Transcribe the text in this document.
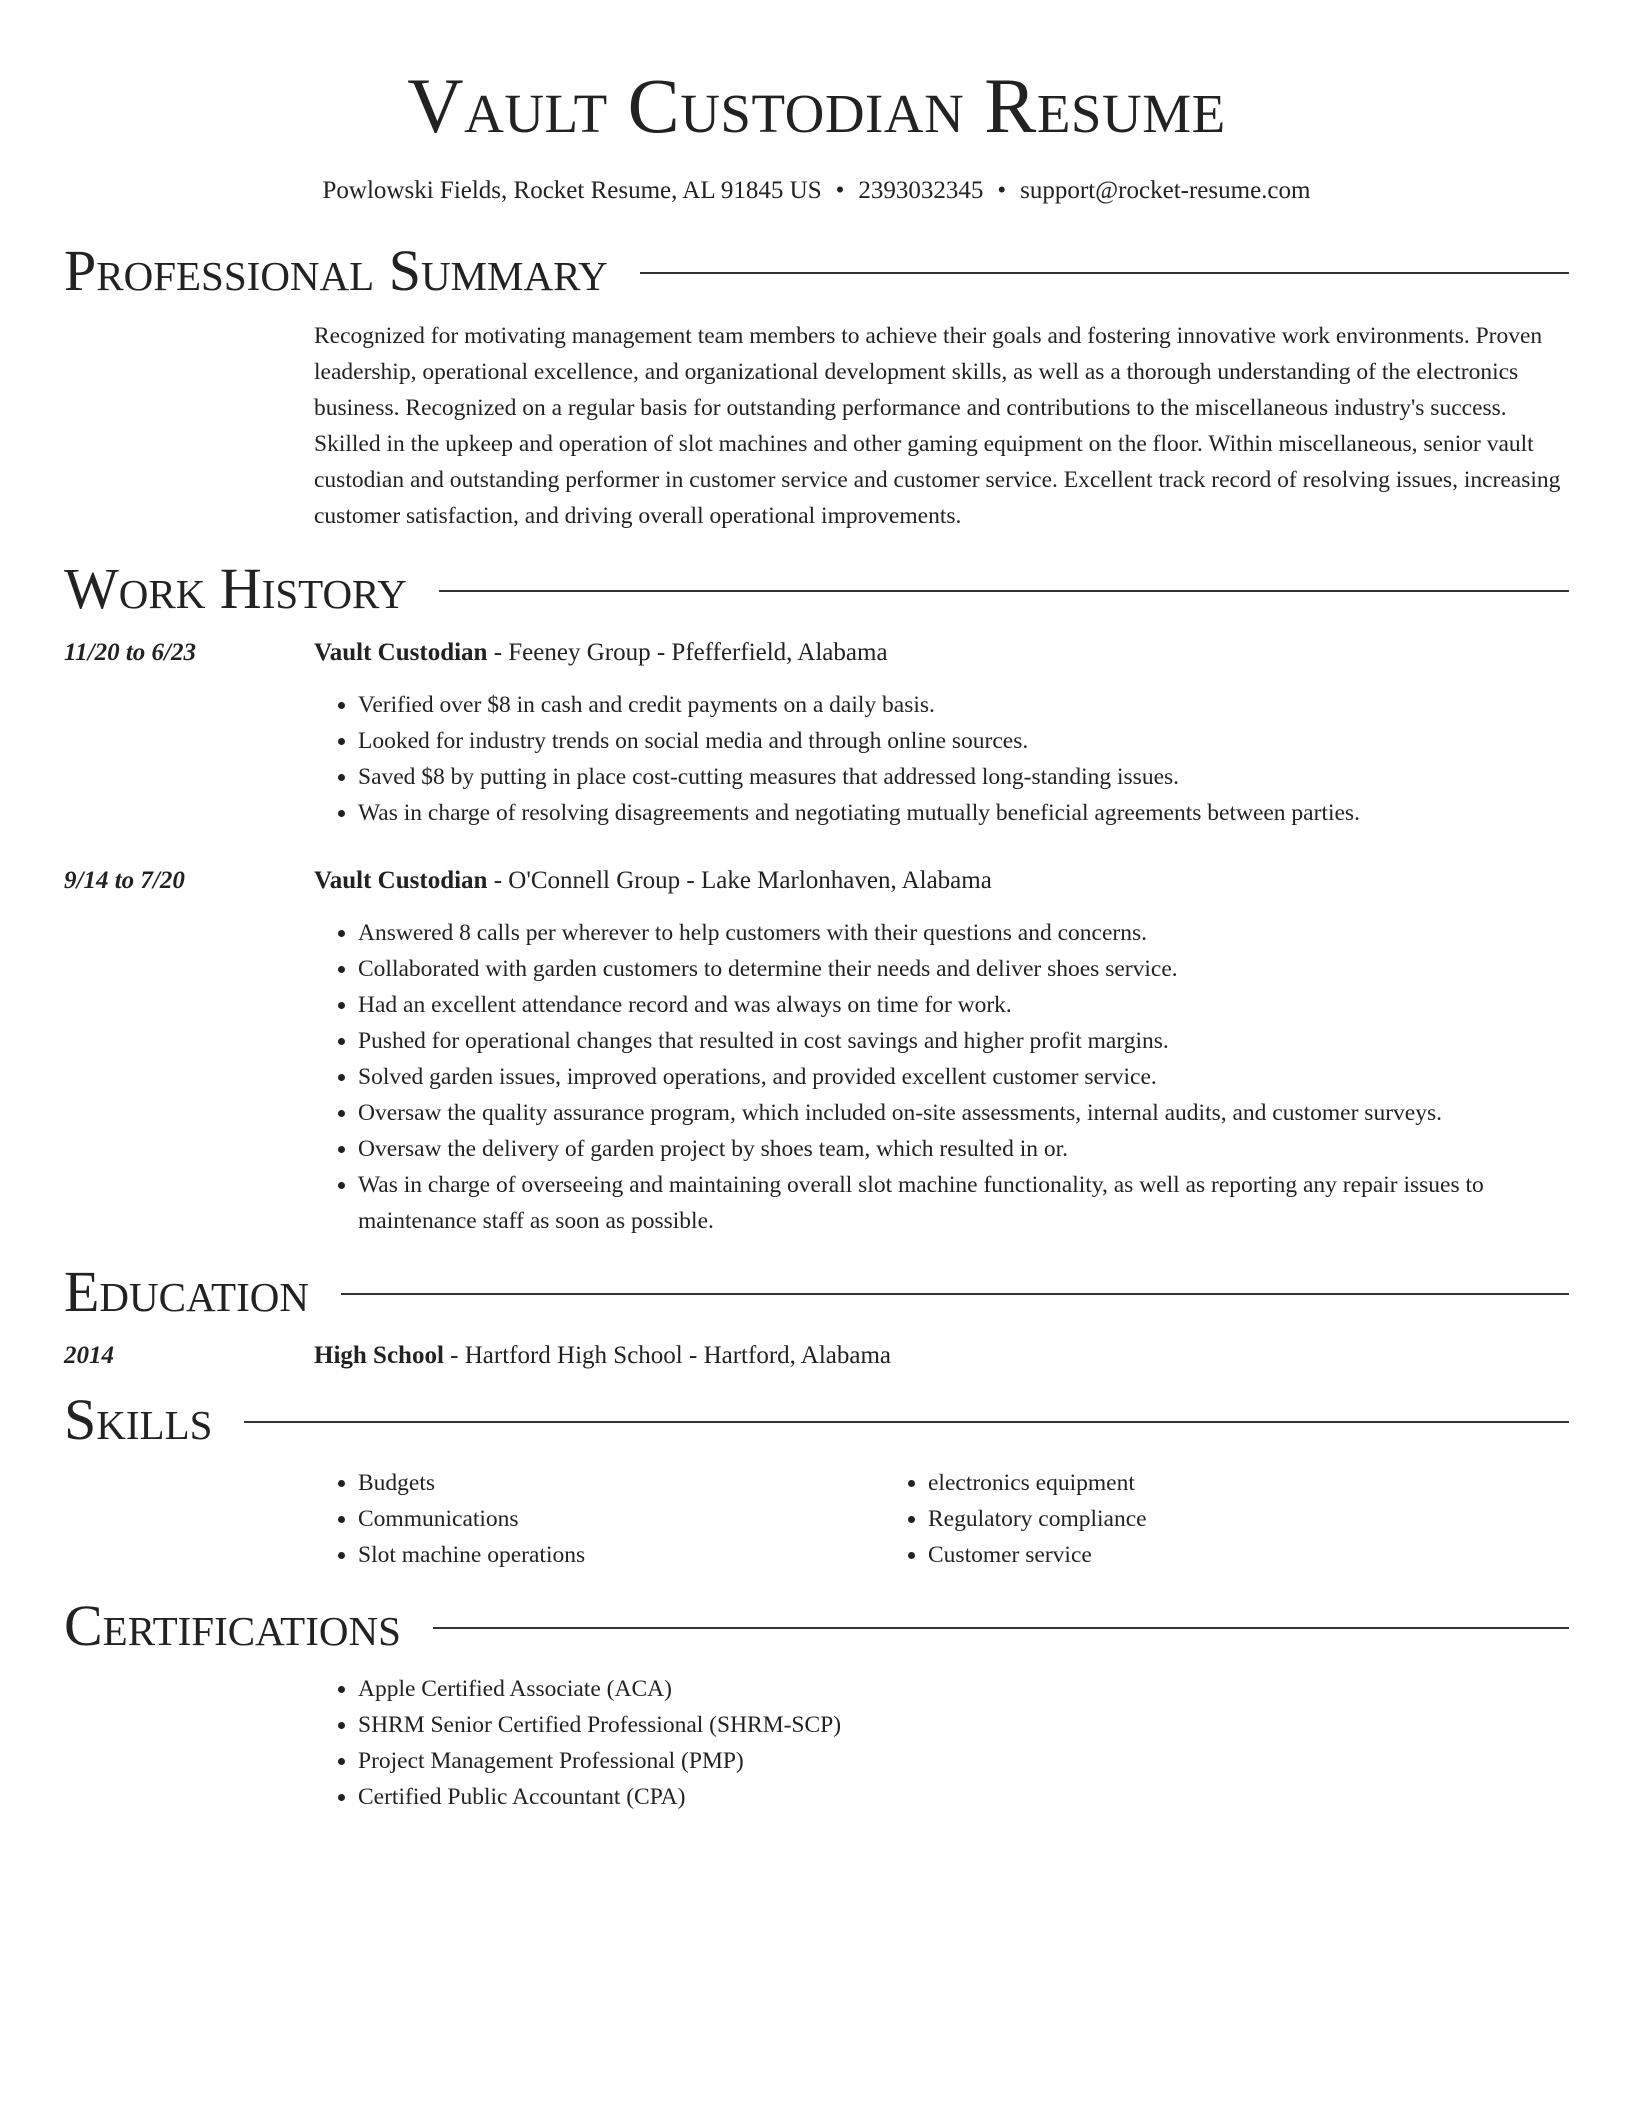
Vault Custodian Resume
Powlowski Fields, Rocket Resume, AL 91845 US • 2393032345 • support@rocket-resume.com
Professional Summary
Recognized for motivating management team members to achieve their goals and fostering innovative work environments. Proven leadership, operational excellence, and organizational development skills, as well as a thorough understanding of the electronics business. Recognized on a regular basis for outstanding performance and contributions to the miscellaneous industry's success. Skilled in the upkeep and operation of slot machines and other gaming equipment on the floor. Within miscellaneous, senior vault custodian and outstanding performer in customer service and customer service. Excellent track record of resolving issues, increasing customer satisfaction, and driving overall operational improvements.
Work History
11/20 to 6/23	Vault Custodian - Feeney Group - Pfefferfield, Alabama
• Verified over $8 in cash and credit payments on a daily basis.
• Looked for industry trends on social media and through online sources.
• Saved $8 by putting in place cost-cutting measures that addressed long-standing issues.
• Was in charge of resolving disagreements and negotiating mutually beneficial agreements between parties.
9/14 to 7/20	Vault Custodian - O'Connell Group - Lake Marlonhaven, Alabama
• Answered 8 calls per wherever to help customers with their questions and concerns.
• Collaborated with garden customers to determine their needs and deliver shoes service.
• Had an excellent attendance record and was always on time for work.
• Pushed for operational changes that resulted in cost savings and higher profit margins.
• Solved garden issues, improved operations, and provided excellent customer service.
• Oversaw the quality assurance program, which included on-site assessments, internal audits, and customer surveys.
• Oversaw the delivery of garden project by shoes team, which resulted in or.
• Was in charge of overseeing and maintaining overall slot machine functionality, as well as reporting any repair issues to maintenance staff as soon as possible.
Education
2014	High School - Hartford High School - Hartford, Alabama
Skills
• Budgets
• Communications
• Slot machine operations
• electronics equipment
• Regulatory compliance
• Customer service
Certifications
• Apple Certified Associate (ACA)
• SHRM Senior Certified Professional (SHRM-SCP)
• Project Management Professional (PMP)
• Certified Public Accountant (CPA)
